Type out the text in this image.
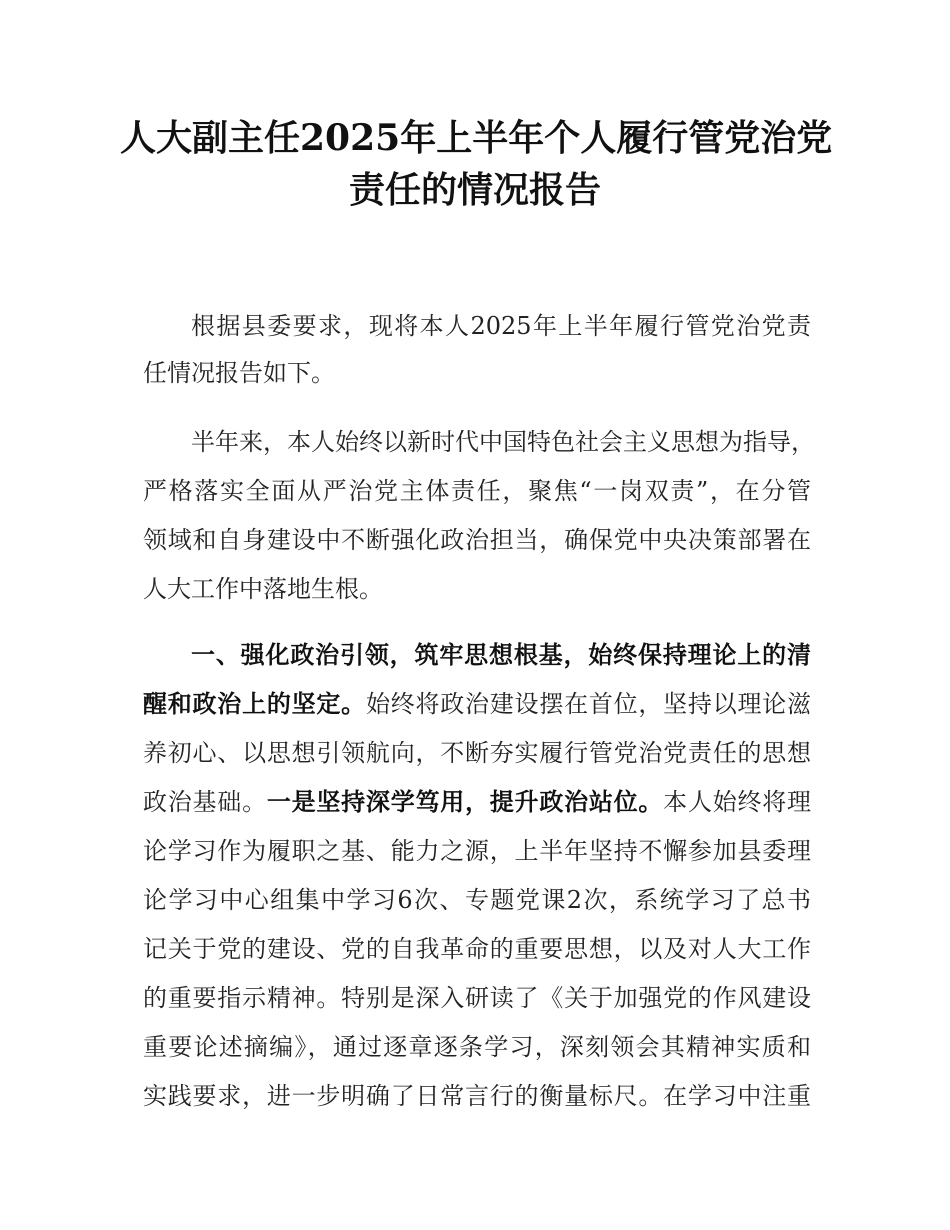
人大副主任2025年上半年个人履行管党治党
责任的情况报告
根据县委要求，现将本人2025年上半年履行管党治党责
任情况报告如下。
半年来，本人始终以新时代中国特色社会主义思想为指导，
严格落实全面从严治党主体责任，聚焦“一岗双责”，在分管
领域和自身建设中不断强化政治担当，确保党中央决策部署在
人大工作中落地生根。
一、强化政治引领，筑牢思想根基，始终保持理论上的清
醒和政治上的坚定。始终将政治建设摆在首位，坚持以理论滋
养初心、以思想引领航向，不断夯实履行管党治党责任的思想
政治基础。一是坚持深学笃用，提升政治站位。本人始终将理
论学习作为履职之基、能力之源，上半年坚持不懈参加县委理
论学习中心组集中学习6次、专题党课2次，系统学习了总书
记关于党的建设、党的自我革命的重要思想，以及对人大工作
的重要指示精神。特别是深入研读了《关于加强党的作风建设
重要论述摘编》，通过逐章逐条学习，深刻领会其精神实质和
实践要求，进一步明确了日常言行的衡量标尺。在学习中注重
